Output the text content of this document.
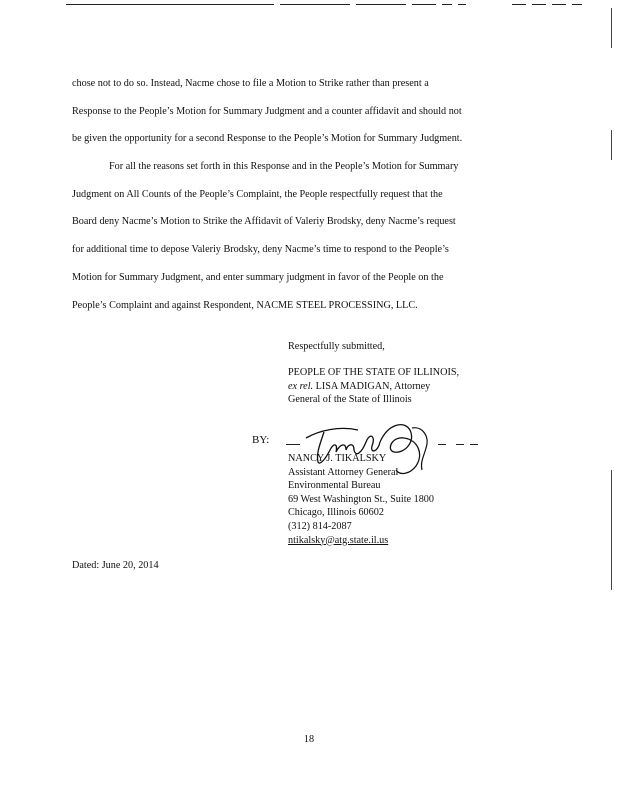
chose not to do so. Instead, Nacme chose to file a Motion to Strike rather than present a
Response to the People’s Motion for Summary Judgment and a counter affidavit and should not
be given the opportunity for a second Response to the People’s Motion for Summary Judgment.

For all the reasons set forth in this Response and in the People’s Motion for Summary
Judgment on All Counts of the People’s Complaint, the People respectfully request that the
Board deny Nacme’s Motion to Strike the Affidavit of Valeriy Brodsky, deny Nacme’s request
for additional time to depose Valeriy Brodsky, deny Nacme’s time to respond to the People’s
Motion for Summary Judgment, and enter summary judgment in favor of the People on the
People’s Complaint and against Respondent, NACME STEEL PROCESSING, LLC.

Respectfully submitted,
PEOPLE OF THE STATE OF ILLINOIS,
ex rel. LISA MADIGAN, Attorney
General of the State of Illinois
BY:
NANCY J. TIKALSKY
Assistant Attorney General
Environmental Bureau
69 West Washington St., Suite 1800
Chicago, Illinois 60602
(312) 814-2087
ntikalsky@atg.state.il.us
Dated: June 20, 2014
18
